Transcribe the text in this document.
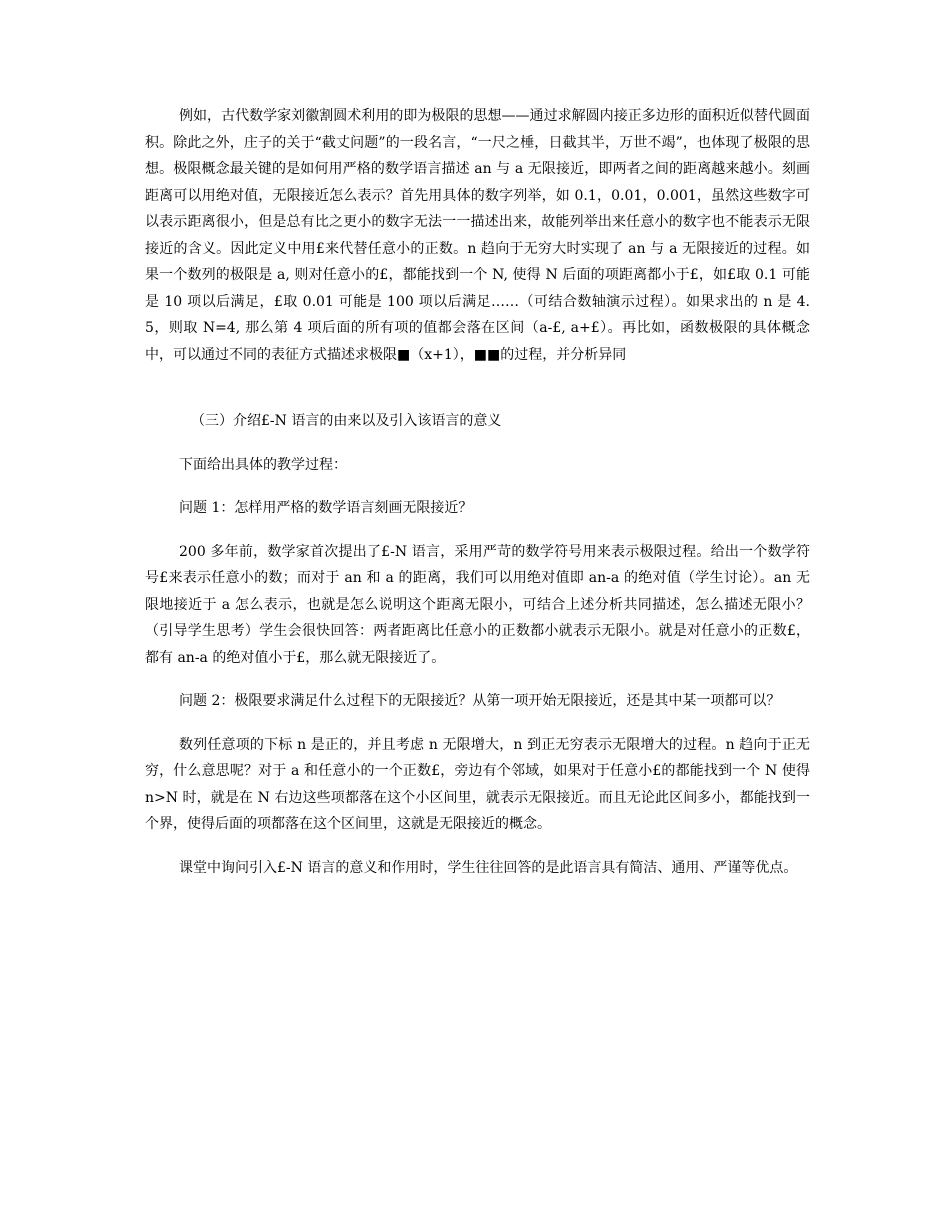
例如，古代数学家刘徽割圆术利用的即为极限的思想——通过求解圆内接正多边形的面积近似替代圆面积。除此之外，庄子的关于“截丈问题”的一段名言，“一尺之棰，日截其半，万世不竭”，也体现了极限的思想。极限概念最关键的是如何用严格的数学语言描述 an 与 a 无限接近，即两者之间的距离越来越小。刻画距离可以用绝对值，无限接近怎么表示？首先用具体的数字列举，如 0.1，0.01，0.001，虽然这些数字可以表示距离很小，但是总有比之更小的数字无法一一描述出来，故能列举出来任意小的数字也不能表示无限接近的含义。因此定义中用£来代替任意小的正数。n 趋向于无穷大时实现了 an 与 a 无限接近的过程。如果一个数列的极限是 a, 则对任意小的£，都能找到一个 N, 使得 N 后面的项距离都小于£，如£取 0.1 可能是 10 项以后满足，£取 0.01 可能是 100 项以后满足……（可结合数轴演示过程）。如果求出的 n 是 4.5，则取 N=4, 那么第 4 项后面的所有项的值都会落在区间（a-£, a+£）。再比如，函数极限的具体概念中，可以通过不同的表征方式描述求极限■（x+1），■■的过程，并分析异同

（三）介绍£-N 语言的由来以及引入该语言的意义

下面给出具体的教学过程：

问题 1：怎样用严格的数学语言刻画无限接近？

200 多年前，数学家首次提出了£-N 语言，采用严苛的数学符号用来表示极限过程。给出一个数学符号£来表示任意小的数；而对于 an 和 a 的距离，我们可以用绝对值即 an-a 的绝对值（学生讨论）。an 无限地接近于 a 怎么表示，也就是怎么说明这个距离无限小，可结合上述分析共同描述，怎么描述无限小？（引导学生思考）学生会很快回答：两者距离比任意小的正数都小就表示无限小。就是对任意小的正数£，都有 an-a 的绝对值小于£，那么就无限接近了。

问题 2：极限要求满足什么过程下的无限接近？从第一项开始无限接近，还是其中某一项都可以？

数列任意项的下标 n 是正的，并且考虑 n 无限增大，n 到正无穷表示无限增大的过程。n 趋向于正无穷，什么意思呢？对于 a 和任意小的一个正数£，旁边有个邻域，如果对于任意小£的都能找到一个 N 使得 n>N 时，就是在 N 右边这些项都落在这个小区间里，就表示无限接近。而且无论此区间多小，都能找到一个界，使得后面的项都落在这个区间里，这就是无限接近的概念。

课堂中询问引入£-N 语言的意义和作用时，学生往往回答的是此语言具有简洁、通用、严谨等优点。
